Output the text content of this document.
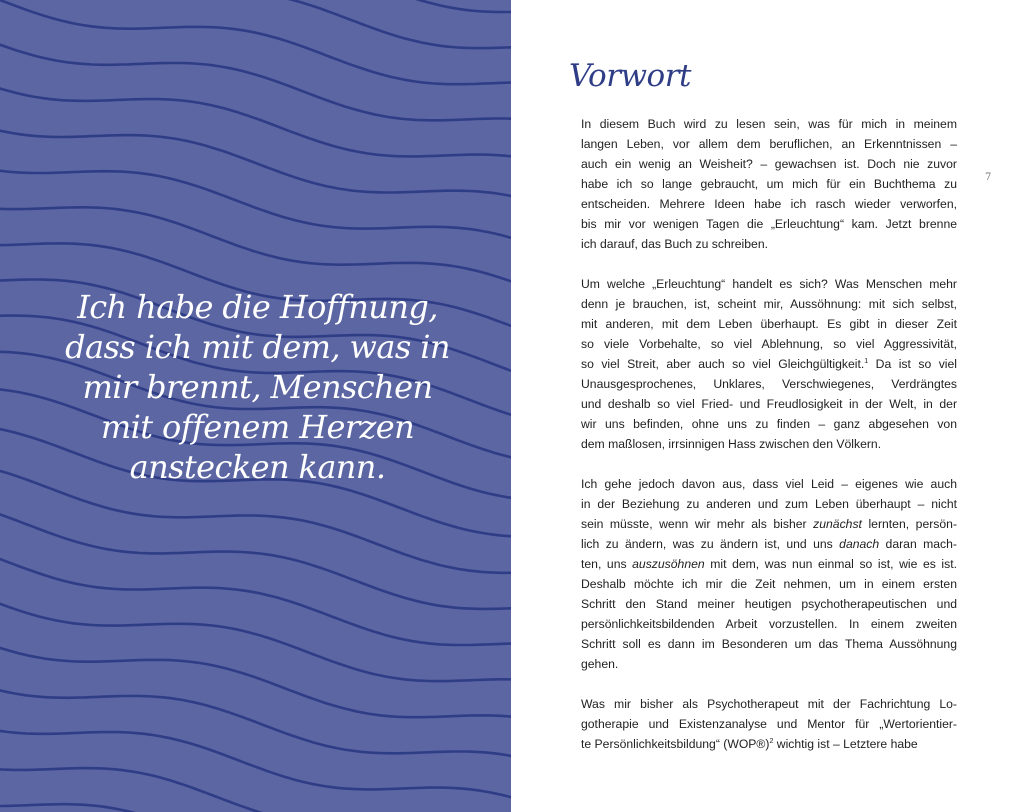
Ich habe die Hoffnung,
dass ich mit dem, was in
mir brennt, Menschen
mit offenem Herzen
anstecken kann.
Vorwort
7
In diesem Buch wird zu lesen sein, was für mich in meinem
langen Leben, vor allem dem beruflichen, an Erkenntnissen –
auch ein wenig an Weisheit? – gewachsen ist. Doch nie zuvor
habe ich so lange gebraucht, um mich für ein Buchthema zu
entscheiden. Mehrere Ideen habe ich rasch wieder verworfen,
bis mir vor wenigen Tagen die „Erleuchtung“ kam. Jetzt brenne
ich darauf, das Buch zu schreiben.
Um welche „Erleuchtung“ handelt es sich? Was Menschen mehr
denn je brauchen, ist, scheint mir, Aussöhnung: mit sich selbst,
mit anderen, mit dem Leben überhaupt. Es gibt in dieser Zeit
so viele Vorbehalte, so viel Ablehnung, so viel Aggressivität,
so viel Streit, aber auch so viel Gleichgültigkeit.$^1$ Da ist so viel
Unausgesprochenes, Unklares, Verschwiegenes, Verdrängtes
und deshalb so viel Fried- und Freudlosigkeit in der Welt, in der
wir uns befinden, ohne uns zu finden – ganz abgesehen von
dem maßlosen, irrsinnigen Hass zwischen den Völkern.
Ich gehe jedoch davon aus, dass viel Leid – eigenes wie auch
in der Beziehung zu anderen und zum Leben überhaupt – nicht
sein müsste, wenn wir mehr als bisher zunächst lernten, persön-
lich zu ändern, was zu ändern ist, und uns danach daran mach-
ten, uns auszusöhnen mit dem, was nun einmal so ist, wie es ist.
Deshalb möchte ich mir die Zeit nehmen, um in einem ersten
Schritt den Stand meiner heutigen psychotherapeutischen und
persönlichkeitsbildenden Arbeit vorzustellen. In einem zweiten
Schritt soll es dann im Besonderen um das Thema Aussöhnung
gehen.
Was mir bisher als Psychotherapeut mit der Fachrichtung Lo-
gotherapie und Existenzanalyse und Mentor für „Wertorientier-
te Persönlichkeitsbildung“ (WOP®)$^2$ wichtig ist – Letztere habe
